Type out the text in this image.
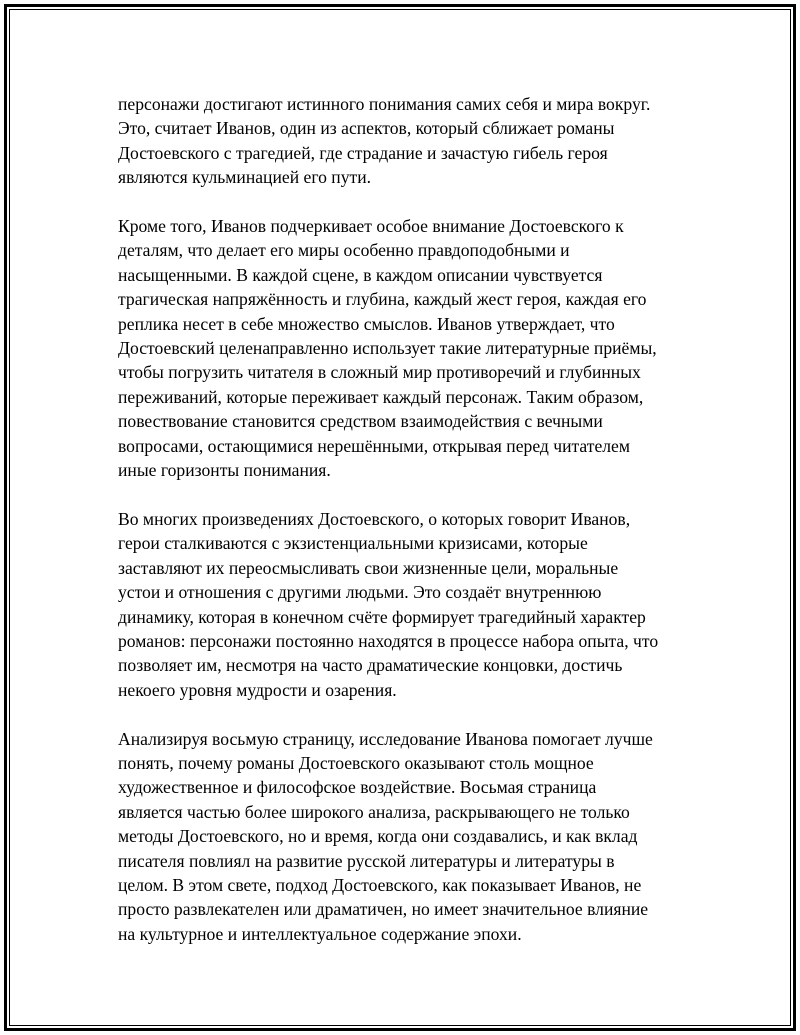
персонажи достигают истинного понимания самих себя и мира вокруг.
Это, считает Иванов, один из аспектов, который сближает романы
Достоевского с трагедией, где страдание и зачастую гибель героя
являются кульминацией его пути.

Кроме того, Иванов подчеркивает особое внимание Достоевского к
деталям, что делает его миры особенно правдоподобными и
насыщенными. В каждой сцене, в каждом описании чувствуется
трагическая напряжённость и глубина, каждый жест героя, каждая его
реплика несет в себе множество смыслов. Иванов утверждает, что
Достоевский целенаправленно использует такие литературные приёмы,
чтобы погрузить читателя в сложный мир противоречий и глубинных
переживаний, которые переживает каждый персонаж. Таким образом,
повествование становится средством взаимодействия с вечными
вопросами, остающимися нерешёнными, открывая перед читателем
иные горизонты понимания.

Во многих произведениях Достоевского, о которых говорит Иванов,
герои сталкиваются с экзистенциальными кризисами, которые
заставляют их переосмысливать свои жизненные цели, моральные
устои и отношения с другими людьми. Это создаёт внутреннюю
динамику, которая в конечном счёте формирует трагедийный характер
романов: персонажи постоянно находятся в процессе набора опыта, что
позволяет им, несмотря на часто драматические концовки, достичь
некоего уровня мудрости и озарения.

Анализируя восьмую страницу, исследование Иванова помогает лучше
понять, почему романы Достоевского оказывают столь мощное
художественное и философское воздействие. Восьмая страница
является частью более широкого анализа, раскрывающего не только
методы Достоевского, но и время, когда они создавались, и как вклад
писателя повлиял на развитие русской литературы и литературы в
целом. В этом свете, подход Достоевского, как показывает Иванов, не
просто развлекателен или драматичен, но имеет значительное влияние
на культурное и интеллектуальное содержание эпохи.
